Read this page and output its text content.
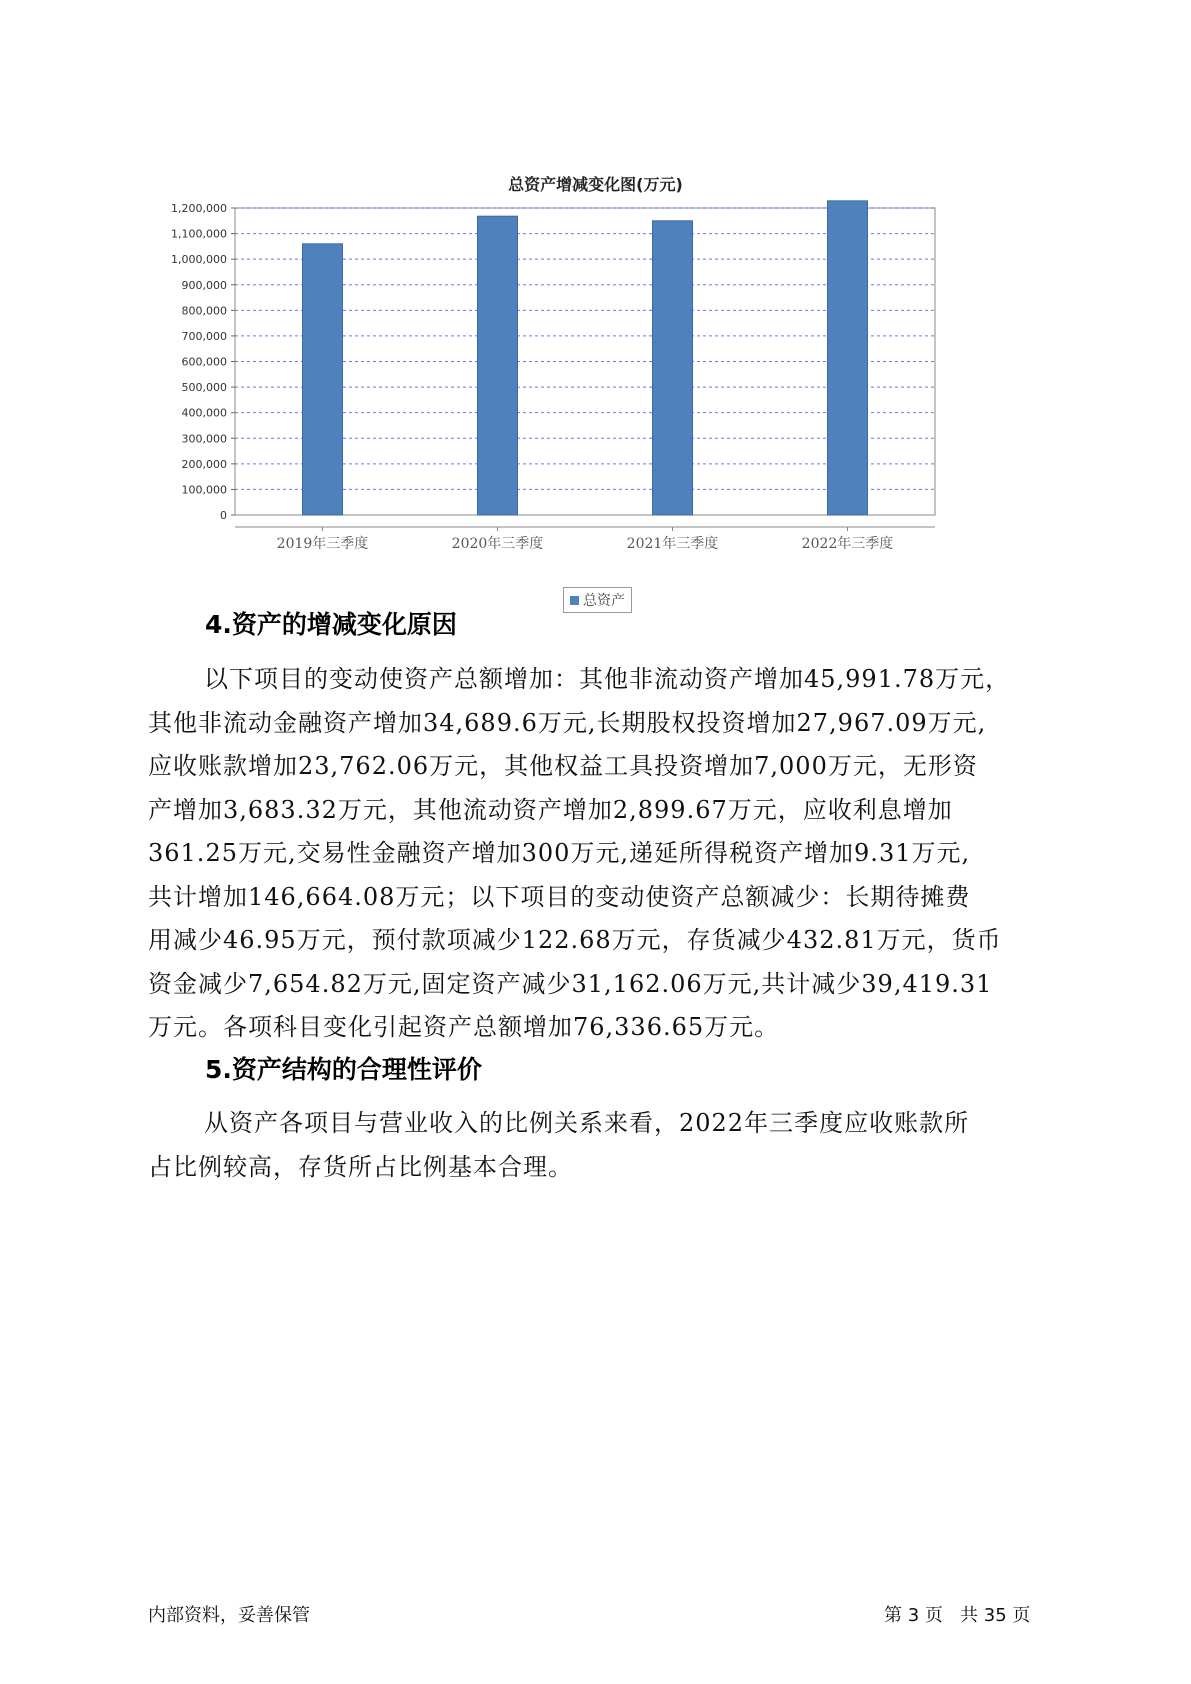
总资产增减变化图(万元)
0
100,000
200,000
300,000
400,000
500,000
600,000
700,000
800,000
900,000
1,000,000
1,100,000
1,200,000
2019年三季度	2020年三季度	2021年三季度	2022年三季度
总资产
4.资产的增减变化原因
以下项目的变动使资产总额增加：其他非流动资产增加45,991.78万元，
其他非流动金融资产增加34,689.6万元,长期股权投资增加27,967.09万元,
应收账款增加23,762.06万元，其他权益工具投资增加7,000万元，无形资
产增加3,683.32万元，其他流动资产增加2,899.67万元，应收利息增加
361.25万元,交易性金融资产增加300万元,递延所得税资产增加9.31万元,
共计增加146,664.08万元；以下项目的变动使资产总额减少：长期待摊费
用减少46.95万元，预付款项减少122.68万元，存货减少432.81万元，货币
资金减少7,654.82万元,固定资产减少31,162.06万元,共计减少39,419.31
万元。各项科目变化引起资产总额增加76,336.65万元。
5.资产结构的合理性评价
从资产各项目与营业收入的比例关系来看，2022年三季度应收账款所
占比例较高，存货所占比例基本合理。
内部资料，妥善保管	第 3 页   共 35 页
